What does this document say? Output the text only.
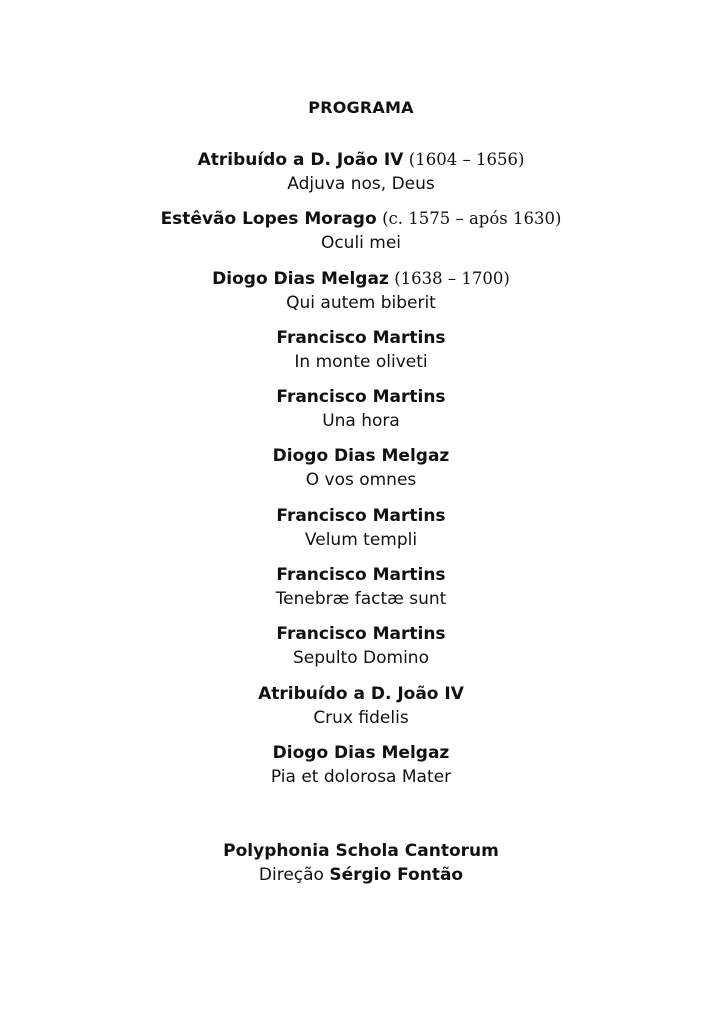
PROGRAMA
Atribuído a D. João IV (1604 – 1656)
Adjuva nos, Deus
Estêvão Lopes Morago (c. 1575 – após 1630)
Oculi mei
Diogo Dias Melgaz (1638 – 1700)
Qui autem biberit
Francisco Martins
In monte oliveti
Francisco Martins
Una hora
Diogo Dias Melgaz
O vos omnes
Francisco Martins
Velum templi
Francisco Martins
Tenebræ factæ sunt
Francisco Martins
Sepulto Domino
Atribuído a D. João IV
Crux fidelis
Diogo Dias Melgaz
Pia et dolorosa Mater
Polyphonia Schola Cantorum
Direção Sérgio Fontão
